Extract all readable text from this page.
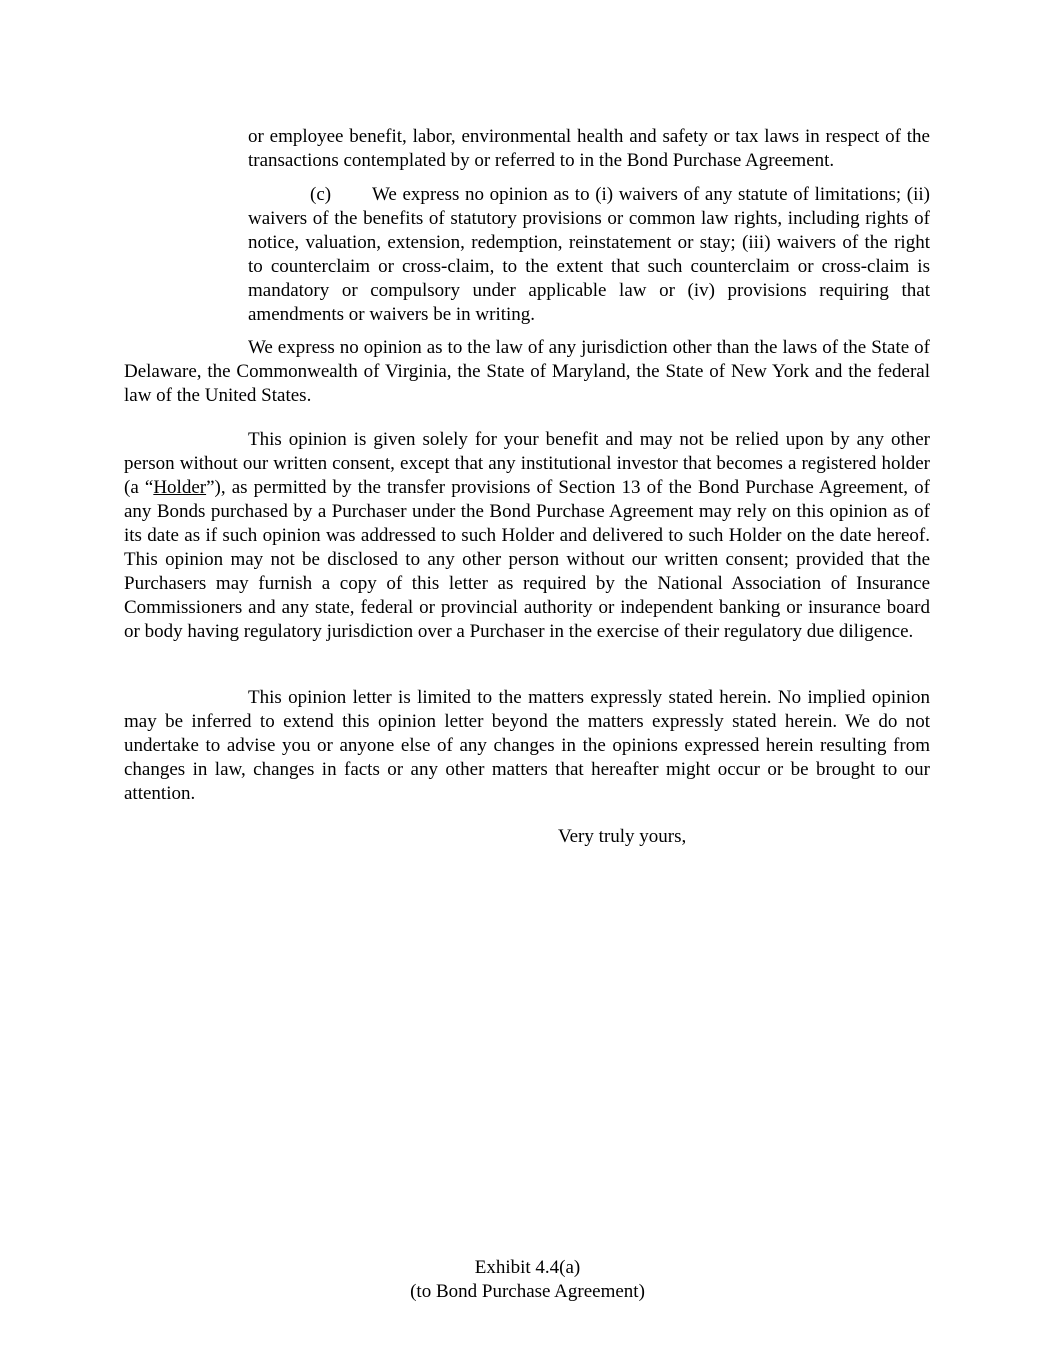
or employee benefit, labor, environmental health and safety or tax laws in respect of the transactions contemplated by or referred to in the Bond Purchase Agreement.

(c) We express no opinion as to (i) waivers of any statute of limitations; (ii) waivers of the benefits of statutory provisions or common law rights, including rights of notice, valuation, extension, redemption, reinstatement or stay; (iii) waivers of the right to counterclaim or cross-claim, to the extent that such counterclaim or cross-claim is mandatory or compulsory under applicable law or (iv) provisions requiring that amendments or waivers be in writing.

We express no opinion as to the law of any jurisdiction other than the laws of the State of Delaware, the Commonwealth of Virginia, the State of Maryland, the State of New York and the federal law of the United States.

This opinion is given solely for your benefit and may not be relied upon by any other person without our written consent, except that any institutional investor that becomes a registered holder (a “Holder”), as permitted by the transfer provisions of Section 13 of the Bond Purchase Agreement, of any Bonds purchased by a Purchaser under the Bond Purchase Agreement may rely on this opinion as of its date as if such opinion was addressed to such Holder and delivered to such Holder on the date hereof. This opinion may not be disclosed to any other person without our written consent; provided that the Purchasers may furnish a copy of this letter as required by the National Association of Insurance Commissioners and any state, federal or provincial authority or independent banking or insurance board or body having regulatory jurisdiction over a Purchaser in the exercise of their regulatory due diligence.

This opinion letter is limited to the matters expressly stated herein. No implied opinion may be inferred to extend this opinion letter beyond the matters expressly stated herein. We do not undertake to advise you or anyone else of any changes in the opinions expressed herein resulting from changes in law, changes in facts or any other matters that hereafter might occur or be brought to our attention.

Very truly yours,

Exhibit 4.4(a)

(to Bond Purchase Agreement)
